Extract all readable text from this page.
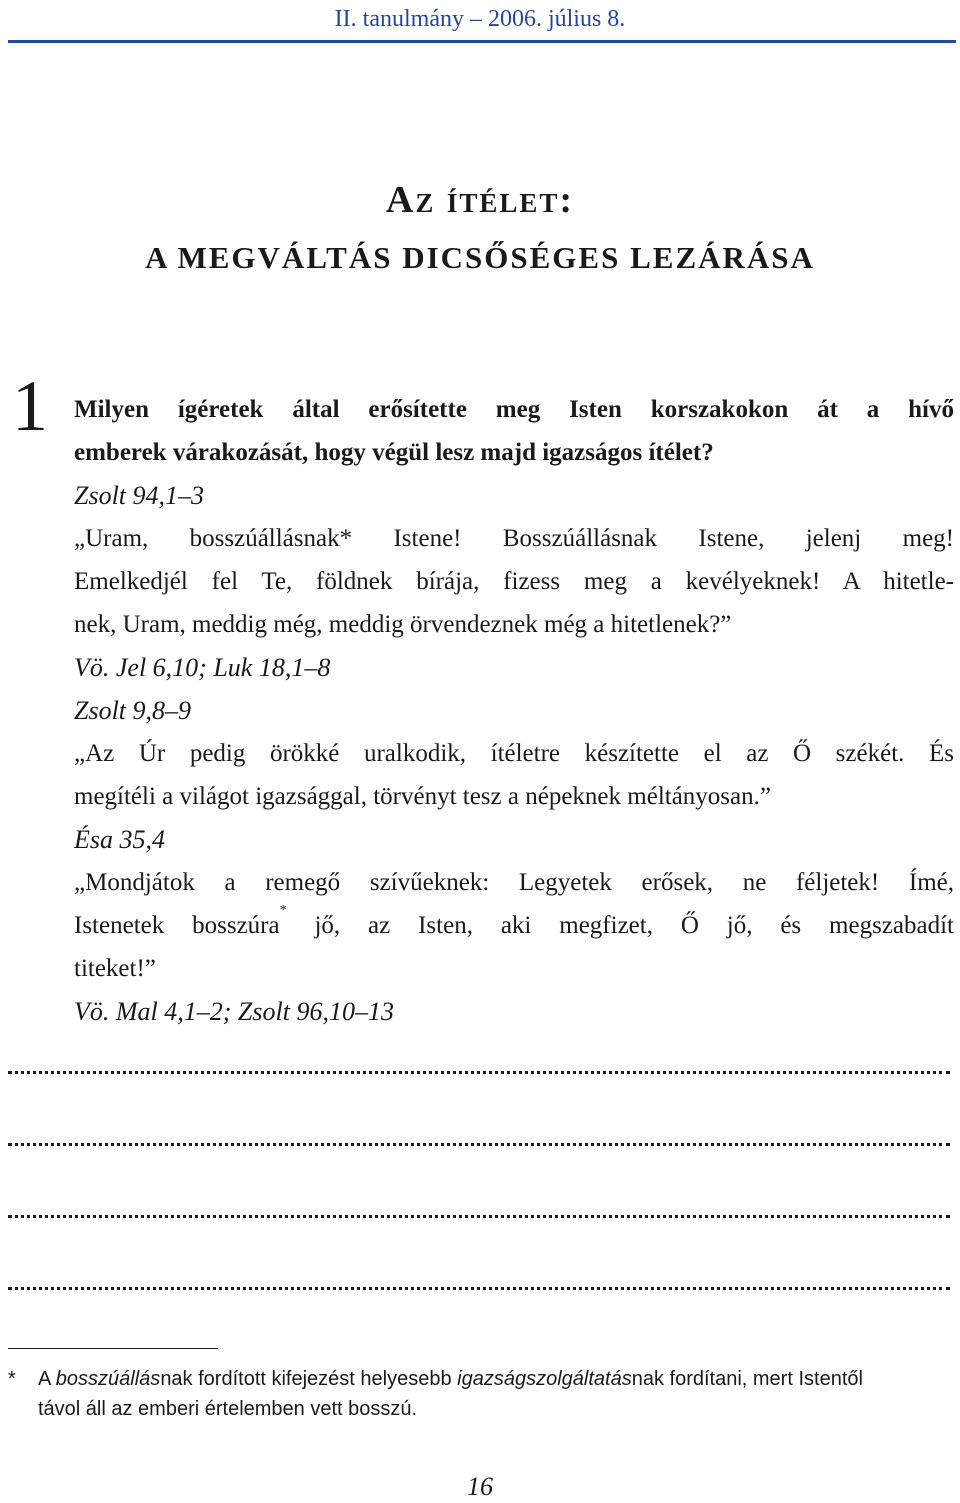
II. tanulmány – 2006. július 8.
Az ítélet:
A MEGVÁLTÁS DICSŐSÉGES LEZÁRÁSA
1 Milyen ígéretek által erősítette meg Isten korszakokon át a hívő
emberek várakozását, hogy végül lesz majd igazságos ítélet?
Zsolt 94,1–3
„Uram, bosszúállásnak* Istene! Bosszúállásnak Istene, jelenj meg!
Emelkedjél fel Te, földnek bírája, fizess meg a kevélyeknek! A hitetle-
nek, Uram, meddig még, meddig örvendeznek még a hitetlenek?”
Vö. Jel 6,10; Luk 18,1–8
Zsolt 9,8–9
„Az Úr pedig örökké uralkodik, ítéletre készítette el az Ő székét. És
megítéli a világot igazsággal, törvényt tesz a népeknek méltányosan.”
Ésa 35,4
„Mondjátok a remegő szívűeknek: Legyetek erősek, ne féljetek! Ímé,
Istenetek bosszúra* jő, az Isten, aki megfizet, Ő jő, és megszabadít
titeket!”
Vö. Mal 4,1–2; Zsolt 96,10–13
* A bosszúállásnak fordított kifejezést helyesebb igazságszolgáltatásnak fordítani, mert Istentől
távol áll az emberi értelemben vett bosszú.
16
